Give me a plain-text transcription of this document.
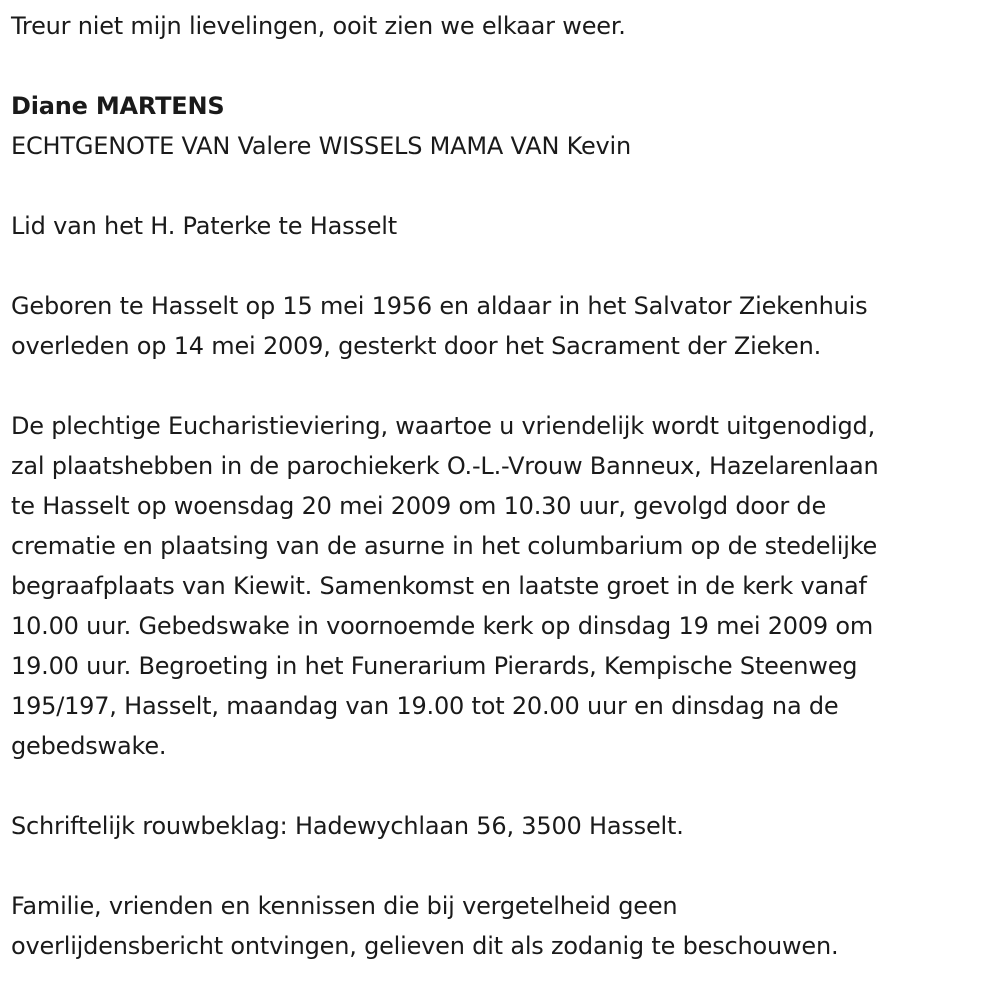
Treur niet mijn lievelingen, ooit zien we elkaar weer.
Diane MARTENS
ECHTGENOTE VAN Valere WISSELS MAMA VAN Kevin
Lid van het H. Paterke te Hasselt
Geboren te Hasselt op 15 mei 1956 en aldaar in het Salvator Ziekenhuis
overleden op 14 mei 2009, gesterkt door het Sacrament der Zieken.
De plechtige Eucharistieviering, waartoe u vriendelijk wordt uitgenodigd,
zal plaatshebben in de parochiekerk O.-L.-Vrouw Banneux, Hazelarenlaan
te Hasselt op woensdag 20 mei 2009 om 10.30 uur, gevolgd door de
crematie en plaatsing van de asurne in het columbarium op de stedelijke
begraafplaats van Kiewit. Samenkomst en laatste groet in de kerk vanaf
10.00 uur. Gebedswake in voornoemde kerk op dinsdag 19 mei 2009 om
19.00 uur. Begroeting in het Funerarium Pierards, Kempische Steenweg
195/197, Hasselt, maandag van 19.00 tot 20.00 uur en dinsdag na de
gebedswake.
Schriftelijk rouwbeklag: Hadewychlaan 56, 3500 Hasselt.
Familie, vrienden en kennissen die bij vergetelheid geen
overlijdensbericht ontvingen, gelieven dit als zodanig te beschouwen.
